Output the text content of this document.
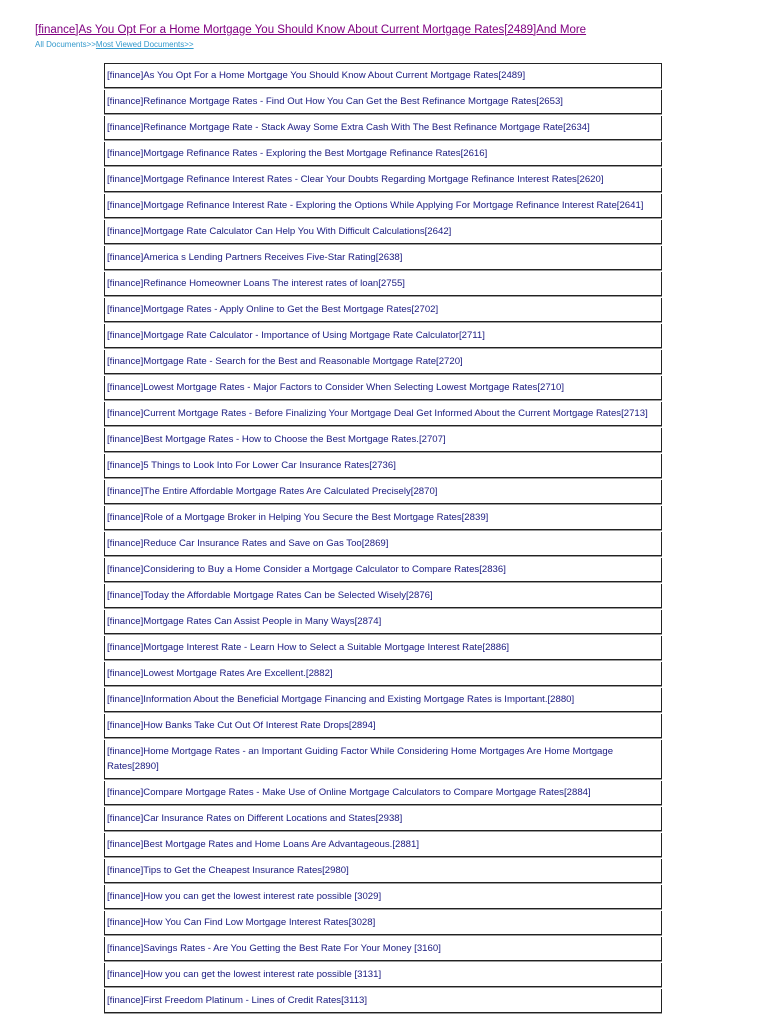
[finance]As You Opt For a Home Mortgage You Should Know About Current Mortgage Rates[2489]And More
All Documents>>Most Viewed Documents>>
[finance]As You Opt For a Home Mortgage You Should Know About Current Mortgage Rates[2489]
[finance]Refinance Mortgage Rates - Find Out How You Can Get the Best Refinance Mortgage Rates[2653]
[finance]Refinance Mortgage Rate - Stack Away Some Extra Cash With The Best Refinance Mortgage Rate[2634]
[finance]Mortgage Refinance Rates - Exploring the Best Mortgage Refinance Rates[2616]
[finance]Mortgage Refinance Interest Rates - Clear Your Doubts Regarding Mortgage Refinance Interest Rates[2620]
[finance]Mortgage Refinance Interest Rate - Exploring the Options While Applying For Mortgage Refinance Interest Rate[2641]
[finance]Mortgage Rate Calculator Can Help You With Difficult Calculations[2642]
[finance]America s Lending Partners Receives Five-Star Rating[2638]
[finance]Refinance Homeowner Loans The interest rates of loan[2755]
[finance]Mortgage Rates - Apply Online to Get the Best Mortgage Rates[2702]
[finance]Mortgage Rate Calculator - Importance of Using Mortgage Rate Calculator[2711]
[finance]Mortgage Rate - Search for the Best and Reasonable Mortgage Rate[2720]
[finance]Lowest Mortgage Rates - Major Factors to Consider When Selecting Lowest Mortgage Rates[2710]
[finance]Current Mortgage Rates - Before Finalizing Your Mortgage Deal Get Informed About the Current Mortgage Rates[2713]
[finance]Best Mortgage Rates - How to Choose the Best Mortgage Rates.[2707]
[finance]5 Things to Look Into For Lower Car Insurance Rates[2736]
[finance]The Entire Affordable Mortgage Rates Are Calculated Precisely[2870]
[finance]Role of a Mortgage Broker in Helping You Secure the Best Mortgage Rates[2839]
[finance]Reduce Car Insurance Rates and Save on Gas Too[2869]
[finance]Considering to Buy a Home Consider a Mortgage Calculator to Compare Rates[2836]
[finance]Today the Affordable Mortgage Rates Can be Selected Wisely[2876]
[finance]Mortgage Rates Can Assist People in Many Ways[2874]
[finance]Mortgage Interest Rate - Learn How to Select a Suitable Mortgage Interest Rate[2886]
[finance]Lowest Mortgage Rates Are Excellent.[2882]
[finance]Information About the Beneficial Mortgage Financing and Existing Mortgage Rates is Important.[2880]
[finance]How Banks Take Cut Out Of Interest Rate Drops[2894]
[finance]Home Mortgage Rates - an Important Guiding Factor While Considering Home Mortgages Are Home Mortgage Rates[2890]
[finance]Compare Mortgage Rates - Make Use of Online Mortgage Calculators to Compare Mortgage Rates[2884]
[finance]Car Insurance Rates on Different Locations and States[2938]
[finance]Best Mortgage Rates and Home Loans Are Advantageous.[2881]
[finance]Tips to Get the Cheapest Insurance Rates[2980]
[finance]How you can get the lowest interest rate possible [3029]
[finance]How You Can Find Low Mortgage Interest Rates[3028]
[finance]Savings Rates - Are You Getting the Best Rate For Your Money [3160]
[finance]How you can get the lowest interest rate possible [3131]
[finance]First Freedom Platinum - Lines of Credit Rates[3113]
